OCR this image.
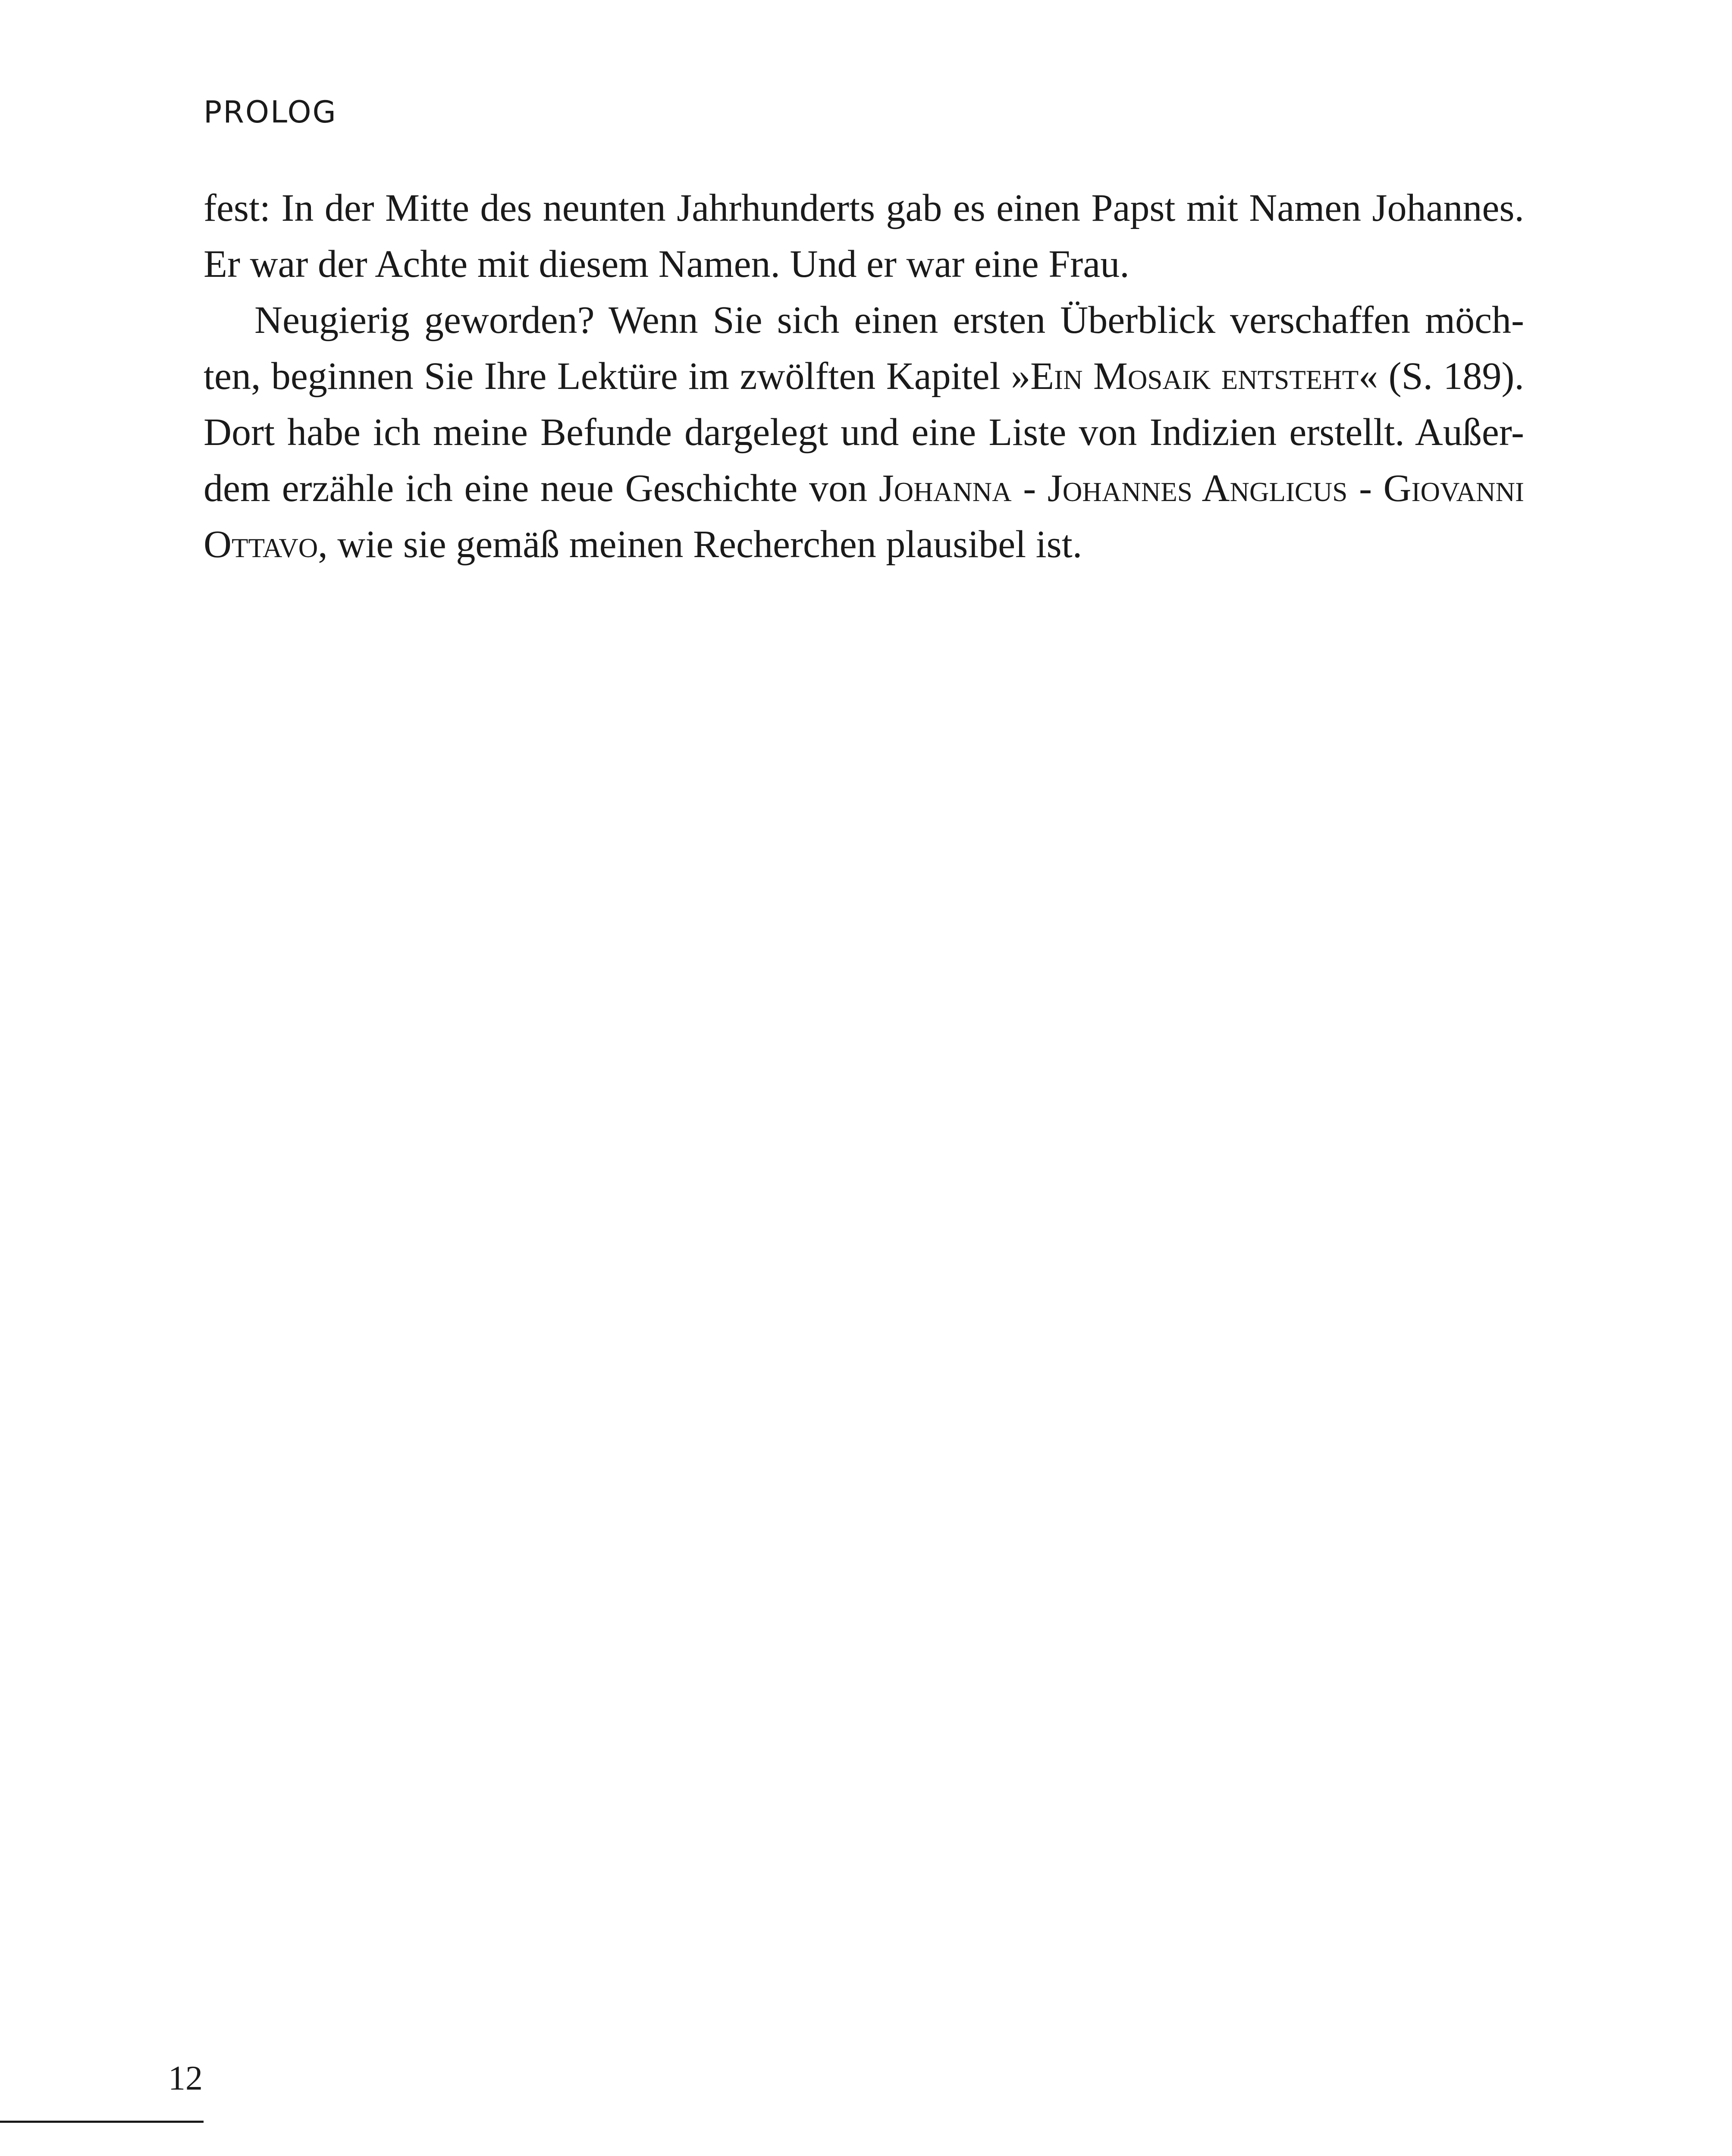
PROLOG
fest: In der Mitte des neunten Jahrhunderts gab es einen Papst mit Namen Johannes.
Er war der Achte mit diesem Namen. Und er war eine Frau.
Neugierig geworden? Wenn Sie sich einen ersten Überblick verschaffen möch-
ten, beginnen Sie Ihre Lektüre im zwölften Kapitel »Ein Mosaik entsteht« (S. 189).
Dort habe ich meine Befunde dargelegt und eine Liste von Indizien erstellt. Außer-
dem erzähle ich eine neue Geschichte von Johanna - Johannes Anglicus - Giovanni
Ottavo, wie sie gemäß meinen Recherchen plausibel ist.
12
